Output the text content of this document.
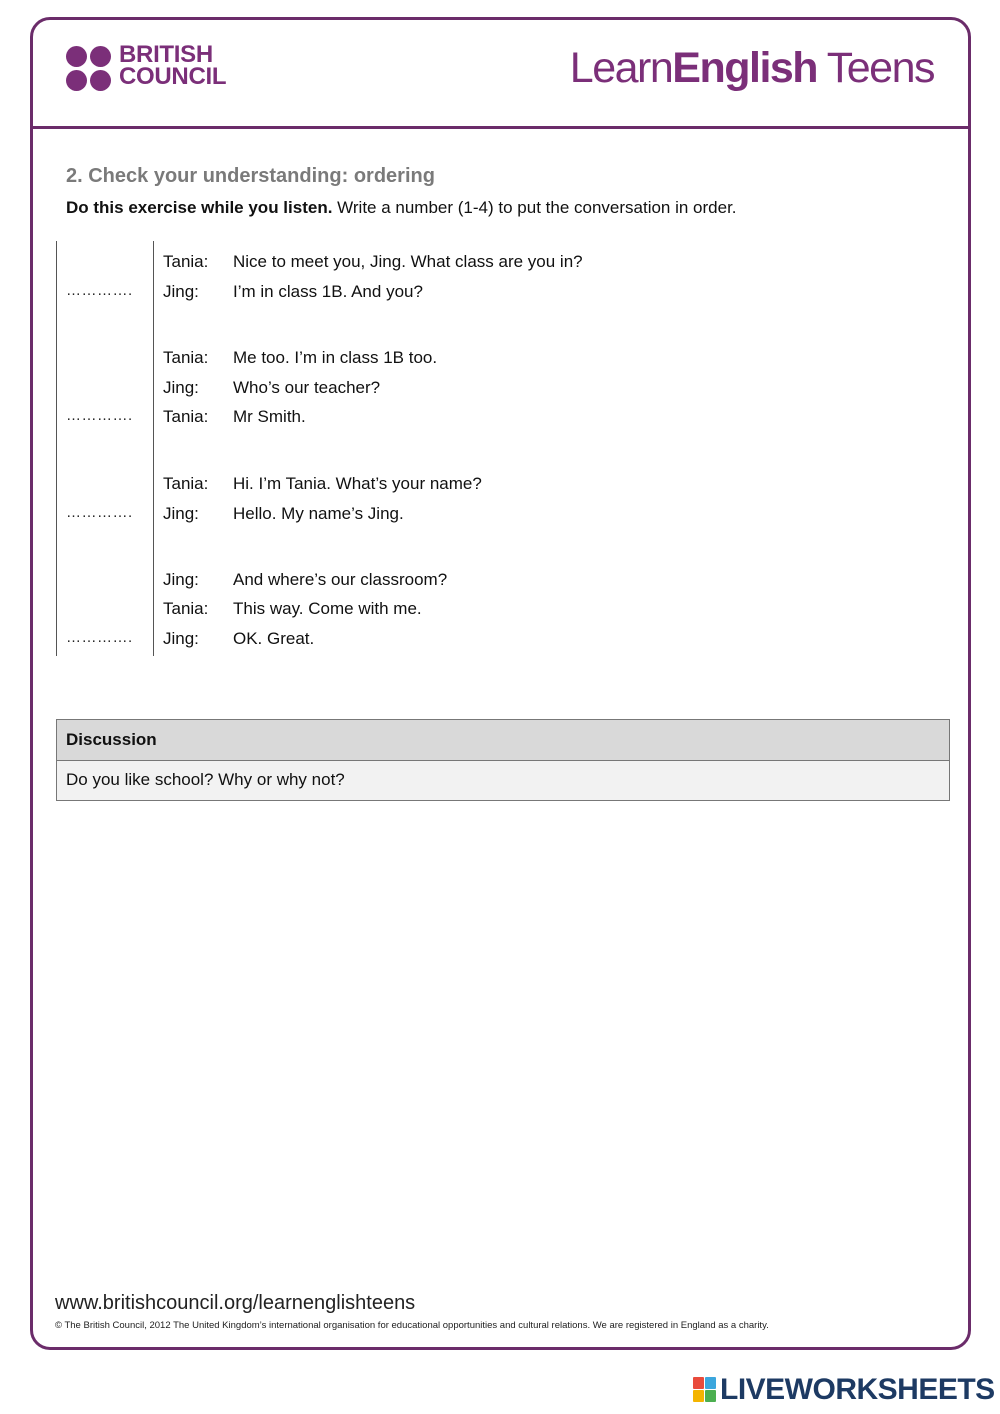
BRITISH
COUNCIL	LearnEnglish Teens
2. Check your understanding: ordering
Do this exercise while you listen. Write a number (1-4) to put the conversation in order.
Tania: Nice to meet you, Jing. What class are you in?
…………. Jing: I’m in class 1B. And you?
Tania: Me too. I’m in class 1B too.
Jing: Who’s our teacher?
…………. Tania: Mr Smith.
Tania: Hi. I’m Tania. What’s your name?
…………. Jing: Hello. My name’s Jing.
Jing: And where’s our classroom?
Tania: This way. Come with me.
…………. Jing: OK. Great.
Discussion
Do you like school? Why or why not?
www.britishcouncil.org/learnenglishteens
© The British Council, 2012 The United Kingdom’s international organisation for educational opportunities and cultural relations. We are registered in England as a charity.
LIVEWORKSHEETS
